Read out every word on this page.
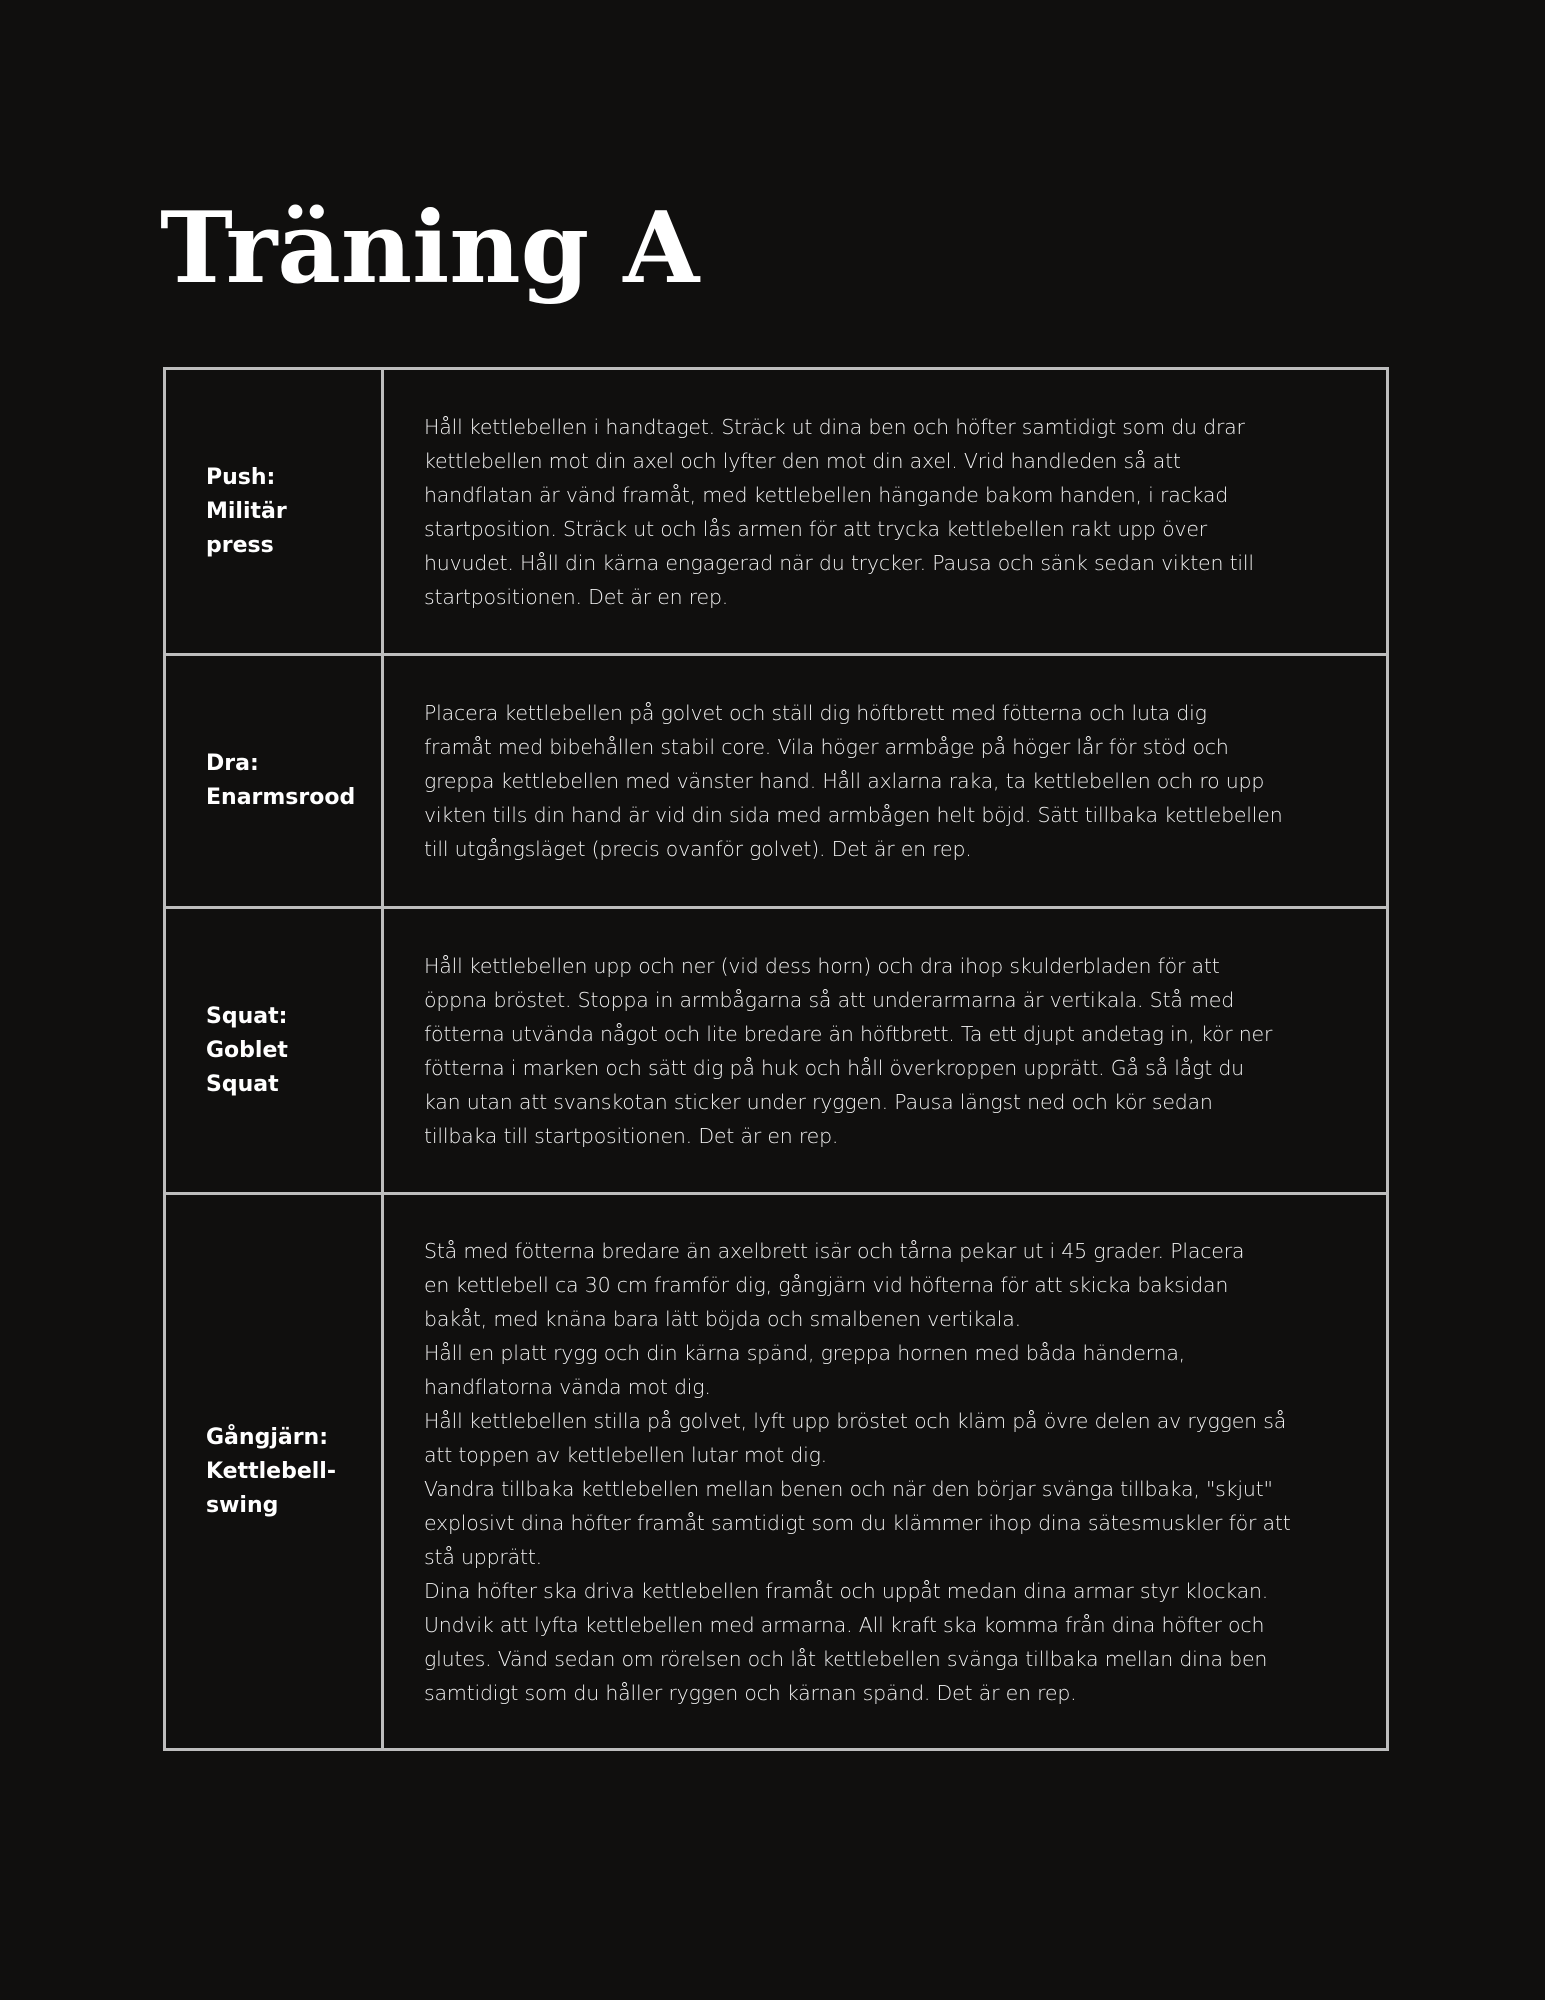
Träning A
Push:
Militär
press
Håll kettlebellen i handtaget. Sträck ut dina ben och höfter samtidigt som du drar
kettlebellen mot din axel och lyfter den mot din axel. Vrid handleden så att
handflatan är vänd framåt, med kettlebellen hängande bakom handen, i rackad
startposition. Sträck ut och lås armen för att trycka kettlebellen rakt upp över
huvudet. Håll din kärna engagerad när du trycker. Pausa och sänk sedan vikten till
startpositionen. Det är en rep.
Dra:
Enarmsrood
Placera kettlebellen på golvet och ställ dig höftbrett med fötterna och luta dig
framåt med bibehållen stabil core. Vila höger armbåge på höger lår för stöd och
greppa kettlebellen med vänster hand. Håll axlarna raka, ta kettlebellen och ro upp
vikten tills din hand är vid din sida med armbågen helt böjd. Sätt tillbaka kettlebellen
till utgångsläget (precis ovanför golvet). Det är en rep.
Squat:
Goblet
Squat
Håll kettlebellen upp och ner (vid dess horn) och dra ihop skulderbladen för att
öppna bröstet. Stoppa in armbågarna så att underarmarna är vertikala. Stå med
fötterna utvända något och lite bredare än höftbrett. Ta ett djupt andetag in, kör ner
fötterna i marken och sätt dig på huk och håll överkroppen upprätt. Gå så lågt du
kan utan att svanskotan sticker under ryggen. Pausa längst ned och kör sedan
tillbaka till startpositionen. Det är en rep.
Gångjärn:
Kettlebell-
swing
Stå med fötterna bredare än axelbrett isär och tårna pekar ut i 45 grader. Placera
en kettlebell ca 30 cm framför dig, gångjärn vid höfterna för att skicka baksidan
bakåt, med knäna bara lätt böjda och smalbenen vertikala.
Håll en platt rygg och din kärna spänd, greppa hornen med båda händerna,
handflatorna vända mot dig.
Håll kettlebellen stilla på golvet, lyft upp bröstet och kläm på övre delen av ryggen så
att toppen av kettlebellen lutar mot dig.
Vandra tillbaka kettlebellen mellan benen och när den börjar svänga tillbaka, "skjut"
explosivt dina höfter framåt samtidigt som du klämmer ihop dina sätesmuskler för att
stå upprätt.
Dina höfter ska driva kettlebellen framåt och uppåt medan dina armar styr klockan.
Undvik att lyfta kettlebellen med armarna. All kraft ska komma från dina höfter och
glutes. Vänd sedan om rörelsen och låt kettlebellen svänga tillbaka mellan dina ben
samtidigt som du håller ryggen och kärnan spänd. Det är en rep.
